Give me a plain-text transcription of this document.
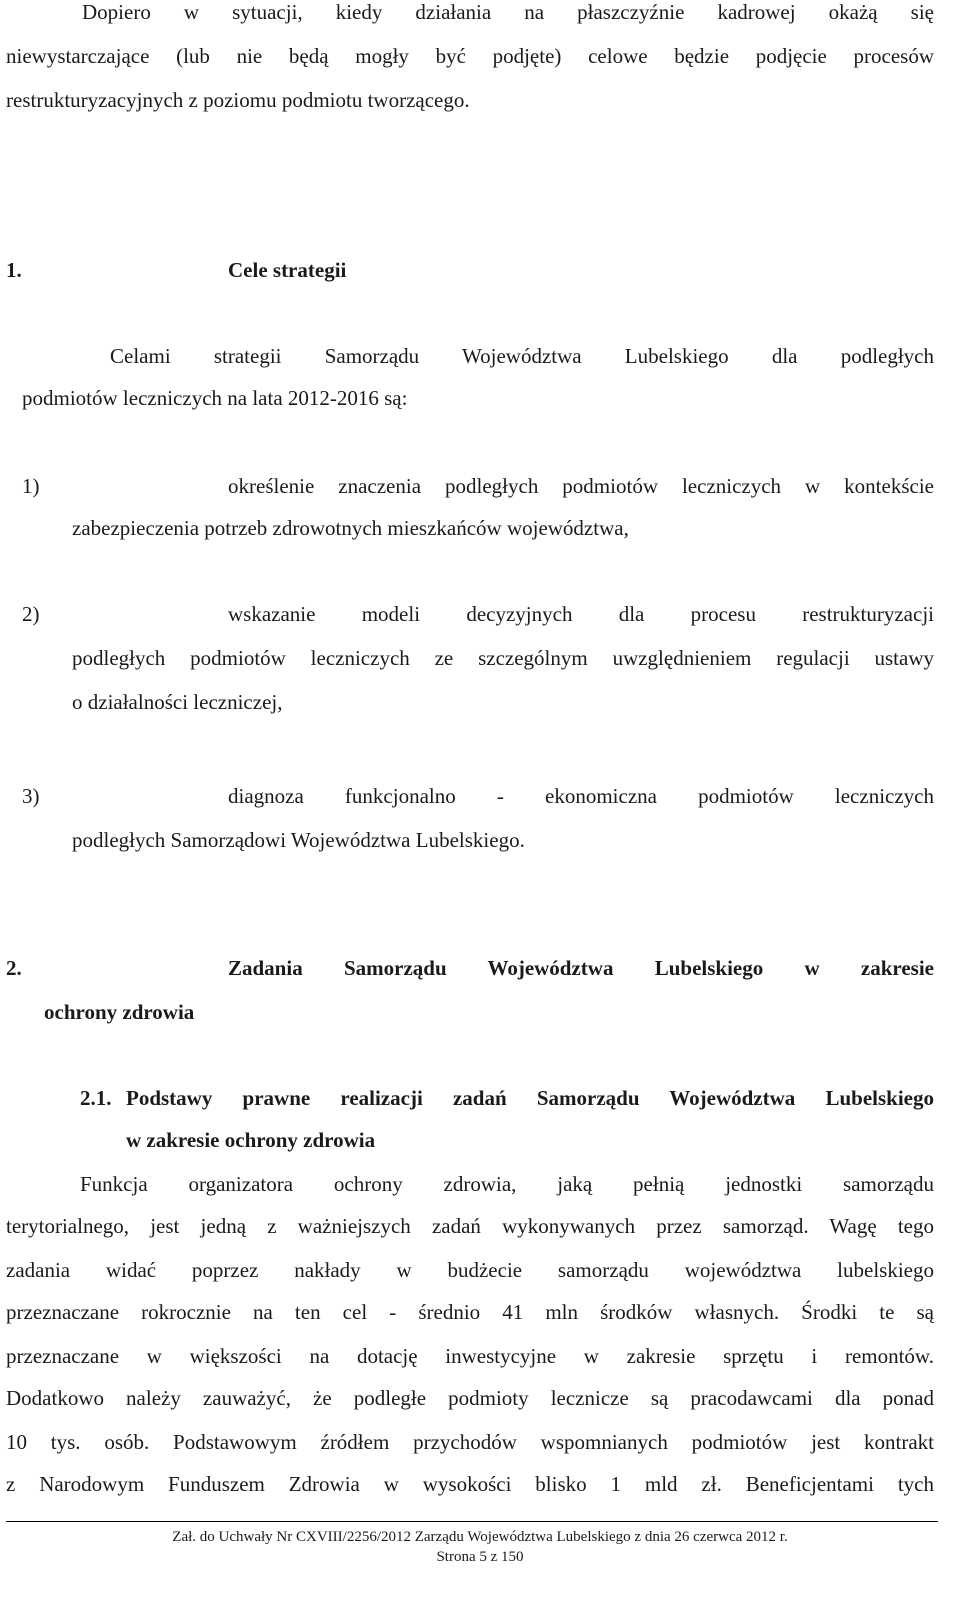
Dopiero w sytuacji, kiedy działania na płaszczyźnie kadrowej okażą się
niewystarczające (lub nie będą mogły być podjęte) celowe będzie podjęcie procesów
restrukturyzacyjnych z poziomu podmiotu tworzącego.
1.	Cele strategii
Celami strategii Samorządu Województwa Lubelskiego dla podległych
podmiotów leczniczych na lata 2012-2016 są:
1)	określenie znaczenia podległych podmiotów leczniczych w kontekście
zabezpieczenia potrzeb zdrowotnych mieszkańców województwa,
2)	wskazanie modeli decyzyjnych dla procesu restrukturyzacji
podległych podmiotów leczniczych ze szczególnym uwzględnieniem regulacji ustawy
o działalności leczniczej,
3)	diagnoza funkcjonalno - ekonomiczna podmiotów leczniczych
podległych Samorządowi Województwa Lubelskiego.
2.	Zadania Samorządu Województwa Lubelskiego w zakresie
ochrony zdrowia
2.1. Podstawy prawne realizacji zadań Samorządu Województwa Lubelskiego
w zakresie ochrony zdrowia
Funkcja organizatora ochrony zdrowia, jaką pełnią jednostki samorządu
terytorialnego, jest jedną z ważniejszych zadań wykonywanych przez samorząd. Wagę tego
zadania widać poprzez nakłady w budżecie samorządu województwa lubelskiego
przeznaczane rokrocznie na ten cel - średnio 41 mln środków własnych. Środki te są
przeznaczane w większości na dotację inwestycyjne w zakresie sprzętu i remontów.
Dodatkowo należy zauważyć, że podległe podmioty lecznicze są pracodawcami dla ponad
10 tys. osób. Podstawowym źródłem przychodów wspomnianych podmiotów jest kontrakt
z Narodowym Funduszem Zdrowia w wysokości blisko 1 mld zł. Beneficjentami tych
Zał. do Uchwały Nr CXVIII/2256/2012 Zarządu Województwa Lubelskiego z dnia 26 czerwca 2012 r.
Strona 5 z 150
